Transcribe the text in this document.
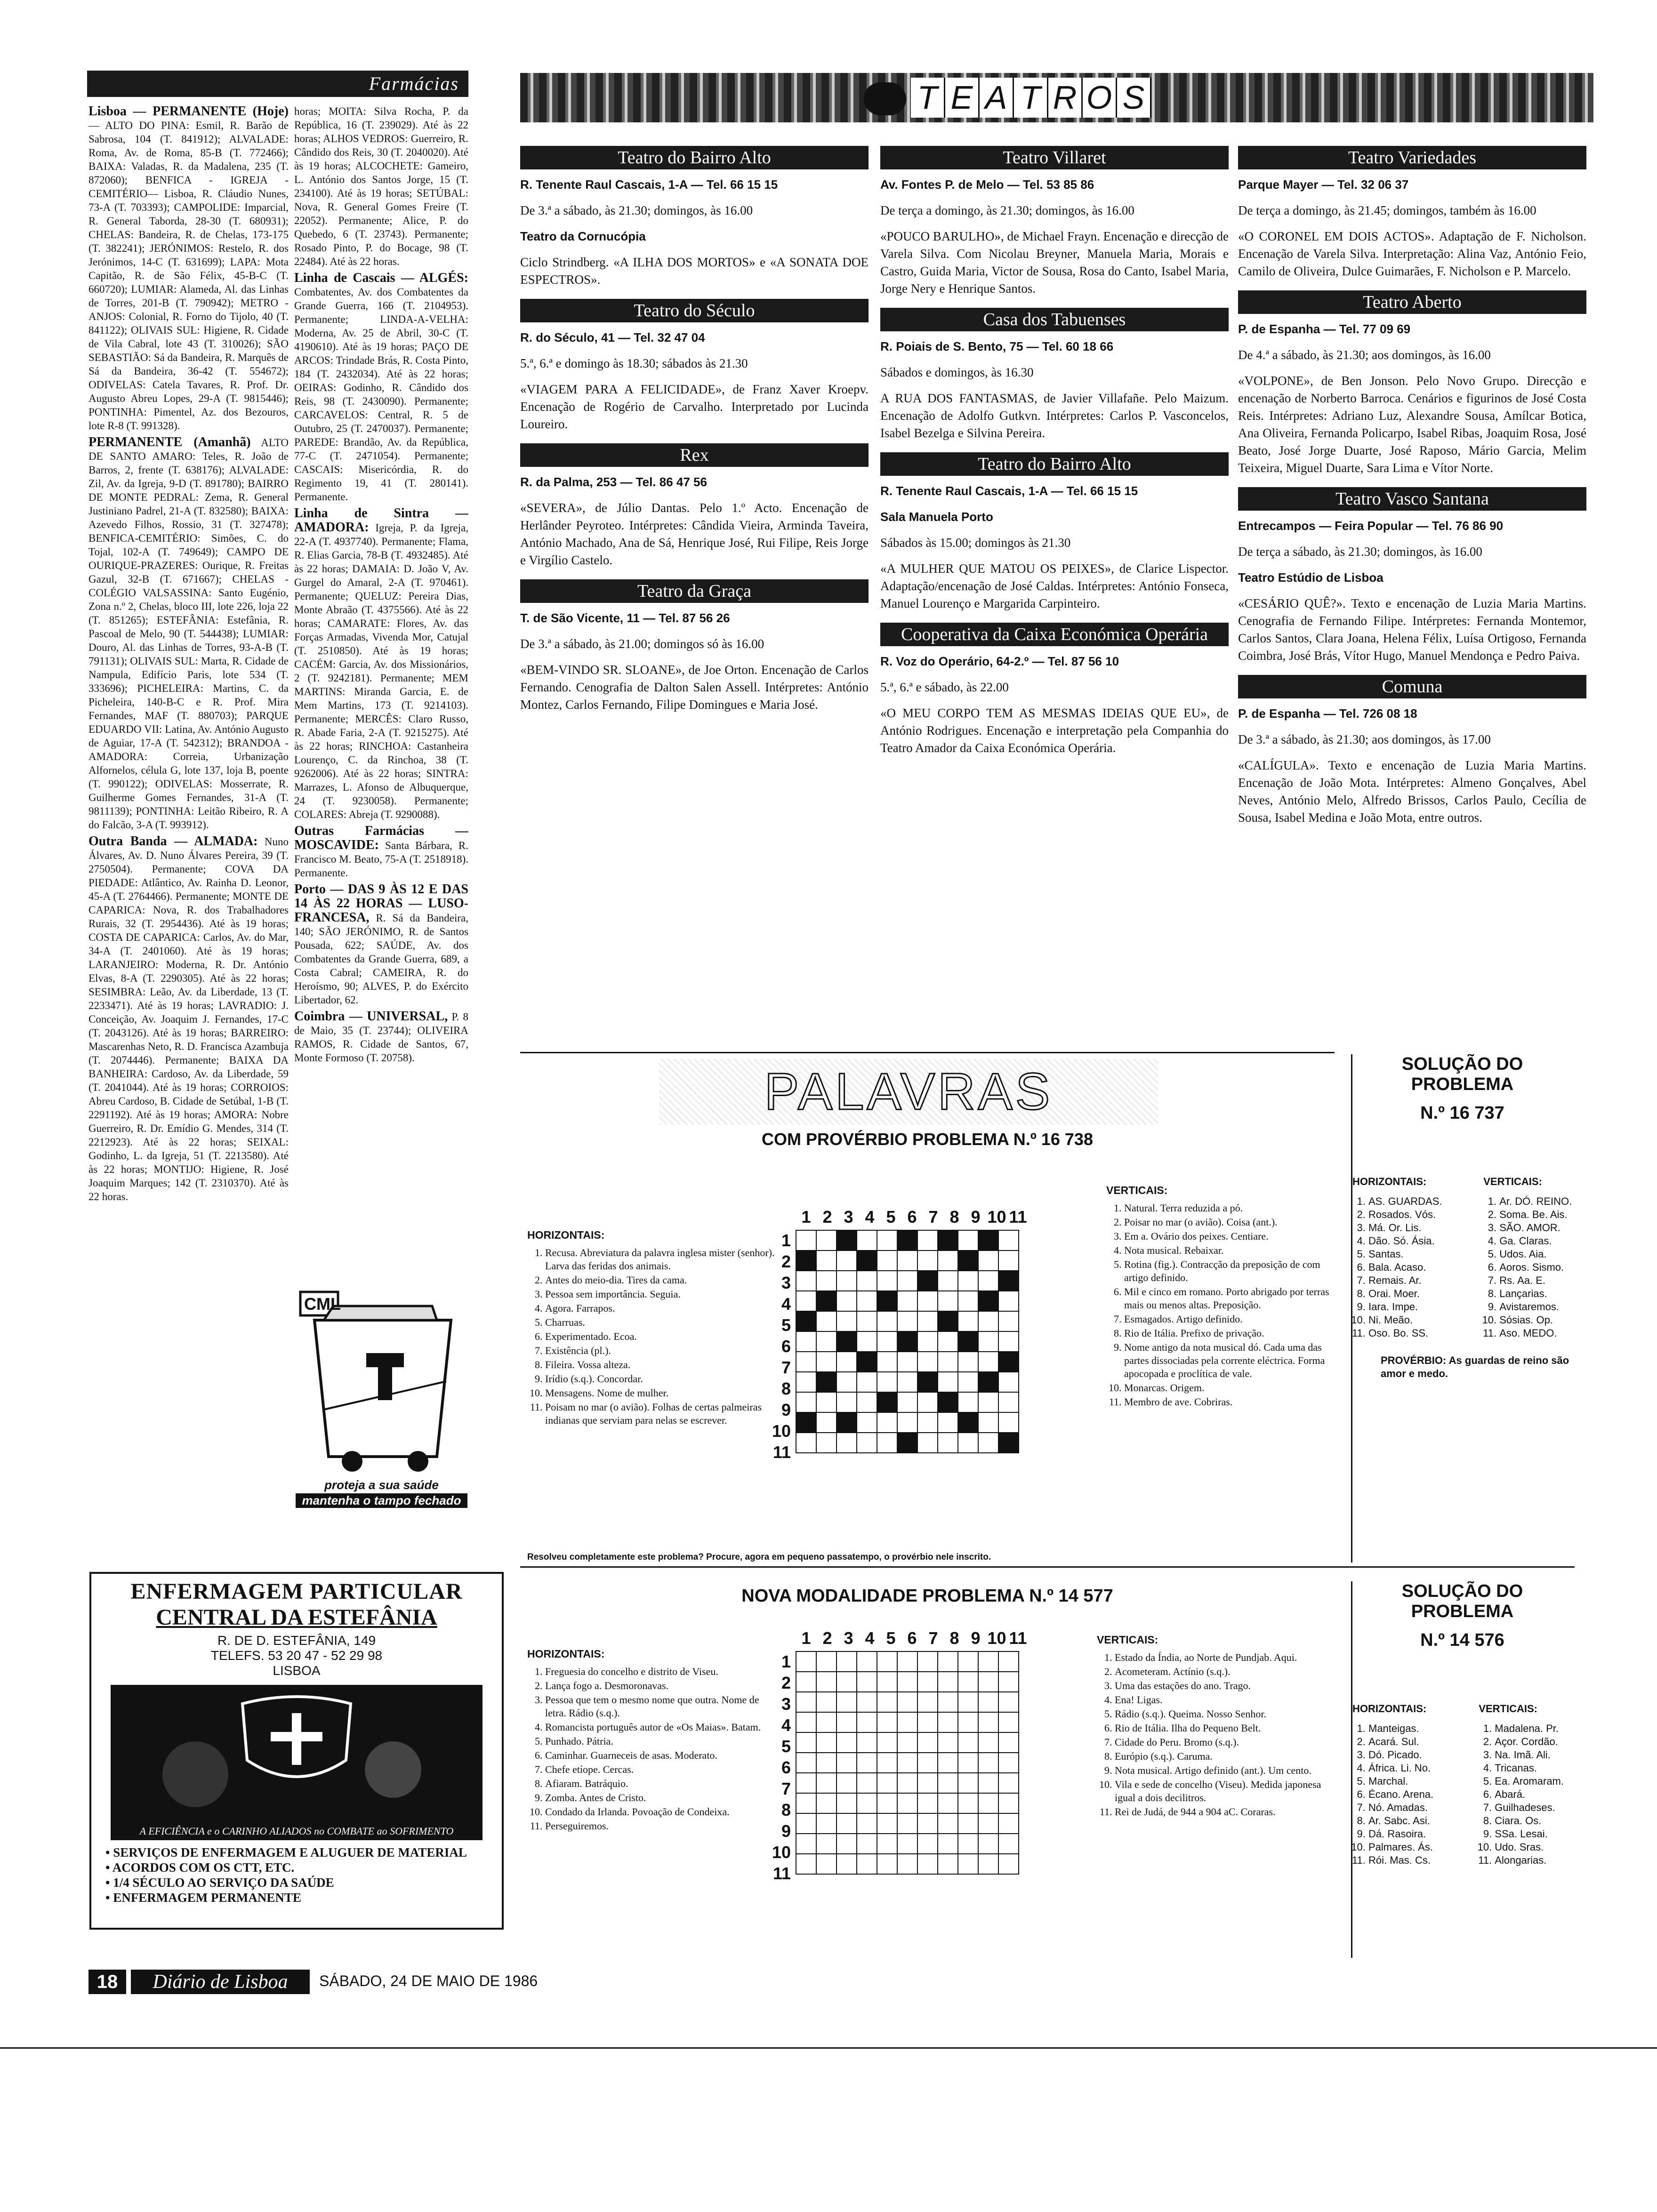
Farmácias

Lisboa — PERMANENTE (Hoje) — ALTO DO PINA: Esmil, R. Barão de Sabrosa, 104 (T. 841912); ALVALADE: Roma, Av. de Roma, 85-B (T. 772466); BAIXA: Valadas, R. da Madalena, 235 (T. 872060); BENFICA - IGREJA - CEMITÉRIO— Lisboa, R. Cláudio Nunes, 73-A (T. 703393); CAMPOLIDE: Imparcial, R. General Taborda, 28-30 (T. 680931); CHELAS: Bandeira, R. de Chelas, 173-175 (T. 382241); JERÓNIMOS: Restelo, R. dos Jerónimos, 14-C (T. 631699); LAPA: Mota Capitão, R. de São Félix, 45-B-C (T. 660720); LUMIAR: Alameda, Al. das Linhas de Torres, 201-B (T. 790942); METRO - ANJOS: Colonial, R. Forno do Tijolo, 40 (T. 841122); OLIVAIS SUL: Higiene, R. Cidade de Vila Cabral, lote 43 (T. 310026); SÃO SEBASTIÃO: Sá da Bandeira, R. Marquês de Sá da Bandeira, 36-42 (T. 554672); ODIVELAS: Catela Tavares, R. Prof. Dr. Augusto Abreu Lopes, 29-A (T. 9815446); PONTINHA: Pimentel, Az. dos Bezouros, lote R-8 (T. 991328).

PERMANENTE (Amanhã) ALTO DE SANTO AMARO: Teles, R. João de Barros, 2, frente (T. 638176); ALVALADE: Zil, Av. da Igreja, 9-D (T. 891780); BAIRRO DE MONTE PEDRAL: Zema, R. General Justiniano Padrel, 21-A (T. 832580); BAIXA: Azevedo Filhos, Rossio, 31 (T. 327478); BENFICA-CEMITÉRIO: Simões, C. do Tojal, 102-A (T. 749649); CAMPO DE OURIQUE-PRAZERES: Ourique, R. Freitas Gazul, 32-B (T. 671667); CHELAS - COLÉGIO VALSASSINA: Santo Eugénio, Zona n.º 2, Chelas, bloco III, lote 226, loja 22 (T. 851265); ESTEFÂNIA: Estefânia, R. Pascoal de Melo, 90 (T. 544438); LUMIAR: Douro, Al. das Linhas de Torres, 93-A-B (T. 791131); OLIVAIS SUL: Marta, R. Cidade de Nampula, Edifício Paris, lote 534 (T. 333696); PICHELEIRA: Martins, C. da Picheleira, 140-B-C e R. Prof. Mira Fernandes, MAF (T. 880703); PARQUE EDUARDO VII: Latina, Av. António Augusto de Aguiar, 17-A (T. 542312); BRANDOA - AMADORA: Correia, Urbanização Alfornelos, célula G, lote 137, loja B, poente (T. 990122); ODIVELAS: Mosserrate, R. Guilherme Gomes Fernandes, 31-A (T. 9811139); PONTINHA: Leitão Ribeiro, R. A do Falcão, 3-A (T. 993912).

Outra Banda — ALMADA: Nuno Álvares, Av. D. Nuno Álvares Pereira, 39 (T. 2750504). Permanente; COVA DA PIEDADE: Atlântico, Av. Rainha D. Leonor, 45-A (T. 2764466). Permanente; MONTE DE CAPARICA: Nova, R. dos Trabalhadores Rurais, 32 (T. 2954436). Até às 19 horas; COSTA DE CAPARICA: Carlos, Av. do Mar, 34-A (T. 2401060). Até às 19 horas; LARANJEIRO: Moderna, R. Dr. António Elvas, 8-A (T. 2290305). Até às 22 horas; SESIMBRA: Leão, Av. da Liberdade, 13 (T. 2233471). Até às 19 horas; LAVRADIO: J. Conceição, Av. Joaquim J. Fernandes, 17-C (T. 2043126). Até às 19 horas; BARREIRO: Mascarenhas Neto, R. D. Francisca Azambuja (T. 2074446). Permanente; BAIXA DA BANHEIRA: Cardoso, Av. da Liberdade, 59 (T. 2041044). Até às 19 horas; CORROIOS: Abreu Cardoso, B. Cidade de Setúbal, 1-B (T. 2291192). Até às 19 horas; AMORA: Nobre Guerreiro, R. Dr. Emídio G. Mendes, 314 (T. 2212923). Até às 22 horas; SEIXAL: Godinho, L. da Igreja, 51 (T. 2213580). Até às 22 horas; MONTIJO: Higiene, R. José Joaquim Marques; 142 (T. 2310370). Até às 22 horas.

horas; MOITA: Silva Rocha, P. da República, 16 (T. 239029). Até às 22 horas; ALHOS VEDROS: Guerreiro, R. Cândido dos Reis, 30 (T. 2040020). Até às 19 horas; ALCOCHETE: Gameiro, L. António dos Santos Jorge, 15 (T. 234100). Até às 19 horas; SETÚBAL: Nova, R. General Gomes Freire (T. 22052). Permanente; Alice, P. do Quebedo, 6 (T. 23743). Permanente; Rosado Pinto, P. do Bocage, 98 (T. 22484). Até às 22 horas.

Linha de Cascais — ALGÉS: Combatentes, Av. dos Combatentes da Grande Guerra, 166 (T. 2104953). Permanente; LINDA-A-VELHA: Moderna, Av. 25 de Abril, 30-C (T. 4190610). Até às 19 horas; PAÇO DE ARCOS: Trindade Brás, R. Costa Pinto, 184 (T. 2432034). Até às 22 horas; OEIRAS: Godinho, R. Cândido dos Reis, 98 (T. 2430090). Permanente; CARCAVELOS: Central, R. 5 de Outubro, 25 (T. 2470037). Permanente; PAREDE: Brandão, Av. da República, 77-C (T. 2471054). Permanente; CASCAIS: Misericórdia, R. do Regimento 19, 41 (T. 280141). Permanente.

Linha de Sintra — AMADORA: Igreja, P. da Igreja, 22-A (T. 4937740). Permanente; Flama, R. Elias Garcia, 78-B (T. 4932485). Até às 22 horas; DAMAIA: D. João V, Av. Gurgel do Amaral, 2-A (T. 970461). Permanente; QUELUZ: Pereira Dias, Monte Abraão (T. 4375566). Até às 22 horas; CAMARATE: Flores, Av. das Forças Armadas, Vivenda Mor, Catujal (T. 2510850). Até às 19 horas; CACÉM: Garcia, Av. dos Missionários, 2 (T. 9242181). Permanente; MEM MARTINS: Miranda Garcia, E. de Mem Martins, 173 (T. 9214103). Permanente; MERCÊS: Claro Russo, R. Abade Faria, 2-A (T. 9215275). Até às 22 horas; RINCHOA: Castanheira Lourenço, C. da Rinchoa, 38 (T. 9262006). Até às 22 horas; SINTRA: Marrazes, L. Afonso de Albuquerque, 24 (T. 9230058). Permanente; COLARES: Abreja (T. 9290088).

Outras Farmácias — MOSCAVIDE: Santa Bárbara, R. Francisco M. Beato, 75-A (T. 2518918). Permanente.

Porto — DAS 9 ÀS 12 E DAS 14 ÀS 22 HORAS — LUSO-FRANCESA, R. Sá da Bandeira, 140; SÃO JERÓNIMO, R. de Santos Pousada, 622; SAÚDE, Av. dos Combatentes da Grande Guerra, 689, a Costa Cabral; CAMEIRA, R. do Heroísmo, 90; ALVES, P. do Exército Libertador, 62.

Coimbra — UNIVERSAL, P. 8 de Maio, 35 (T. 23744); OLIVEIRA RAMOS, R. Cidade de Santos, 67, Monte Formoso (T. 20758).

CML
proteja a sua saúde
mantenha o tampo fechado
ENFERMAGEM PARTICULAR
CENTRAL DA ESTEFÂNIA
R. DE D. ESTEFÂNIA, 149
TELEFS. 53 20 47 - 52 29 98
LISBOA
A EFICIÊNCIA e o CARINHO ALIADOS no COMBATE ao SOFRIMENTO
• SERVIÇOS DE ENFERMAGEM E ALUGUER DE MATERIAL
• ACORDOS COM OS CTT, ETC.
• 1/4 SÉCULO AO SERVIÇO DA SAÚDE
• ENFERMAGEM PERMANENTE
18	Diário de Lisboa	SÁBADO, 24 DE MAIO DE 1986
T E A T R O S
Teatro do Bairro Alto
R. Tenente Raul Cascais, 1-A — Tel. 66 15 15
De 3.ª a sábado, às 21.30; domingos, às 16.00
Teatro da Cornucópia
Ciclo Strindberg. «A ILHA DOS MORTOS» e «A SONATA DOE ESPECTROS».
Teatro do Século
R. do Século, 41 — Tel. 32 47 04
5.ª, 6.ª e domingo às 18.30; sábados às 21.30
«VIAGEM PARA A FELICIDADE», de Franz Xaver Kroepv. Encenação de Rogério de Carvalho. Interpretado por Lucinda Loureiro.
Rex
R. da Palma, 253 — Tel. 86 47 56
«SEVERA», de Júlio Dantas. Pelo 1.º Acto. Encenação de Herlânder Peyroteo. Intérpretes: Cândida Vieira, Arminda Taveira, António Machado, Ana de Sá, Henrique José, Rui Filipe, Reis Jorge e Virgílio Castelo.
Teatro da Graça
T. de São Vicente, 11 — Tel. 87 56 26
De 3.ª a sábado, às 21.00; domingos só às 16.00
«BEM-VINDO SR. SLOANE», de Joe Orton. Encenação de Carlos Fernando. Cenografia de Dalton Salen Assell. Intérpretes: António Montez, Carlos Fernando, Filipe Domingues e Maria José.
Teatro Villaret
Av. Fontes P. de Melo — Tel. 53 85 86
De terça a domingo, às 21.30; domingos, às 16.00
«POUCO BARULHO», de Michael Frayn. Encenação e direcção de Varela Silva. Com Nicolau Breyner, Manuela Maria, Morais e Castro, Guida Maria, Victor de Sousa, Rosa do Canto, Isabel Maria, Jorge Nery e Henrique Santos.
Casa dos Tabuenses
R. Poiais de S. Bento, 75 — Tel. 60 18 66
Sábados e domingos, às 16.30
A RUA DOS FANTASMAS, de Javier Villafañe. Pelo Maizum. Encenação de Adolfo Gutkvn. Intérpretes: Carlos P. Vasconcelos, Isabel Bezelga e Silvina Pereira.
Teatro do Bairro Alto
R. Tenente Raul Cascais, 1-A — Tel. 66 15 15
Sala Manuela Porto
Sábados às 15.00; domingos às 21.30
«A MULHER QUE MATOU OS PEIXES», de Clarice Lispector. Adaptação/encenação de José Caldas. Intérpretes: António Fonseca, Manuel Lourenço e Margarida Carpinteiro.
Cooperativa da Caixa Económica Operária
R. Voz do Operário, 64-2.º — Tel. 87 56 10
5.ª, 6.ª e sábado, às 22.00
«O MEU CORPO TEM AS MESMAS IDEIAS QUE EU», de António Rodrigues. Encenação e interpretação pela Companhia do Teatro Amador da Caixa Económica Operária.
Teatro Variedades
Parque Mayer — Tel. 32 06 37
De terça a domingo, às 21.45; domingos, também às 16.00
«O CORONEL EM DOIS ACTOS». Adaptação de F. Nicholson. Encenação de Varela Silva. Interpretação: Alina Vaz, António Feio, Camilo de Oliveira, Dulce Guimarães, F. Nicholson e P. Marcelo.
Teatro Aberto
P. de Espanha — Tel. 77 09 69
De 4.ª a sábado, às 21.30; aos domingos, às 16.00
«VOLPONE», de Ben Jonson. Pelo Novo Grupo. Direcção e encenação de Norberto Barroca. Cenários e figurinos de José Costa Reis. Intérpretes: Adriano Luz, Alexandre Sousa, Amílcar Botica, Ana Oliveira, Fernanda Policarpo, Isabel Ribas, Joaquim Rosa, José Beato, José Jorge Duarte, José Raposo, Mário Garcia, Melim Teixeira, Miguel Duarte, Sara Lima e Vítor Norte.
Teatro Vasco Santana
Entrecampos — Feira Popular — Tel. 76 86 90
De terça a sábado, às 21.30; domingos, às 16.00
Teatro Estúdio de Lisboa
«CESÁRIO QUÊ?». Texto e encenação de Luzia Maria Martins. Cenografia de Fernando Filipe. Intérpretes: Fernanda Montemor, Carlos Santos, Clara Joana, Helena Félix, Luísa Ortigoso, Fernanda Coimbra, José Brás, Vítor Hugo, Manuel Mendonça e Pedro Paiva.
Comuna
P. de Espanha — Tel. 726 08 18
De 3.ª a sábado, às 21.30; aos domingos, às 17.00
«CALÍGULA». Texto e encenação de Luzia Maria Martins. Encenação de João Mota. Intérpretes: Almeno Gonçalves, Abel Neves, António Melo, Alfredo Brissos, Carlos Paulo, Cecília de Sousa, Isabel Medina e João Mota, entre outros.
PALAVRAS
COM PROVÉRBIO PROBLEMA N.º 16 738
HORIZONTAIS:
1. Recusa. Abreviatura da palavra inglesa mister (senhor). Larva das feridas dos animais.
2. Antes do meio-dia. Tires da cama.
3. Pessoa sem importância. Seguia.
4. Agora. Farrapos.
5. Charruas.
6. Experimentado. Ecoa.
7. Existência (pl.).
8. Fileira. Vossa alteza.
9. Irídio (s.q.). Concordar.
10. Mensagens. Nome de mulher.
11. Poisam no mar (o avião). Folhas de certas palmeiras indianas que serviam para nelas se escrever.
1 2 3 4 5 6 7 8 9 10 11
1
2
3
4
5
6
7
8
9
10
11

VERTICAIS:
1. Natural. Terra reduzida a pó.
2. Poisar no mar (o avião). Coisa (ant.).
3. Em a. Ovário dos peixes. Centiare.
4. Nota musical. Rebaixar.
5. Rotina (fig.). Contracção da preposição de com artigo definido.
6. Mil e cinco em romano. Porto abrigado por terras mais ou menos altas. Preposição.
7. Esmagados. Artigo definido.
8. Rio de Itália. Prefixo de privação.
9. Nome antigo da nota musical dó. Cada uma das partes dissociadas pela corrente eléctrica. Forma apocopada e proclítica de vale.
10. Monarcas. Origem.
11. Membro de ave. Cobriras.
Resolveu completamente este problema? Procure, agora em pequeno passatempo, o provérbio nele inscrito.
SOLUÇÃO DO PROBLEMA
N.º 16 737
HORIZONTAIS:
1. AS. GUARDAS.
2. Rosados. Vós.
3. Má. Or. Lis.
4. Dão. Só. Ásia.
5. Santas.
6. Bala. Acaso.
7. Remais. Ar.
8. Orai. Moer.
9. Iara. Impe.
10. Ni. Meão.
11. Oso. Bo. SS.
VERTICAIS:
1. Ar. DÓ. REINO.
2. Soma. Be. Ais.
3. SÃO. AMOR.
4. Ga. Claras.
5. Udos. Aia.
6. Aoros. Sismo.
7. Rs. Aa. E.
8. Lançarias.
9. Avistaremos.
10. Sósias. Op.
11. Aso. MEDO.
PROVÉRBIO: As guardas de reino são amor e medo.
NOVA MODALIDADE PROBLEMA N.º 14 577
HORIZONTAIS:
1. Freguesia do concelho e distrito de Viseu.
2. Lança fogo a. Desmoronavas.
3. Pessoa que tem o mesmo nome que outra. Nome de letra. Rádio (s.q.).
4. Romancista português autor de «Os Maias». Batam.
5. Punhado. Pátria.
6. Caminhar. Guarneceis de asas. Moderato.
7. Chefe etíope. Cercas.
8. Afiaram. Batráquio.
9. Zomba. Antes de Cristo.
10. Condado da Irlanda. Povoação de Condeixa.
11. Perseguiremos.
1 2 3 4 5 6 7 8 9 10 11
1
2
3
4
5
6
7
8
9
10
11

VERTICAIS:
1. Estado da Índia, ao Norte de Pundjab. Aqui.
2. Acometeram. Actínio (s.q.).
3. Uma das estações do ano. Trago.
4. Ena! Ligas.
5. Rádio (s.q.). Queima. Nosso Senhor.
6. Rio de Itália. Ilha do Pequeno Belt.
7. Cidade do Peru. Bromo (s.q.).
8. Európio (s.q.). Caruma.
9. Nota musical. Artigo definido (ant.). Um cento.
10. Vila e sede de concelho (Viseu). Medida japonesa igual a dois decilitros.
11. Rei de Judá, de 944 a 904 aC. Coraras.
SOLUÇÃO DO PROBLEMA
N.º 14 576
HORIZONTAIS:
1. Manteigas.
2. Acará. Sul.
3. Dó. Picado.
4. África. Li. No.
5. Marchal.
6. Écano. Arena.
7. Nó. Amadas.
8. Ar. Sabc. Asi.
9. Dá. Rasoira.
10. Palmares. Ás.
11. Rói. Mas. Cs.
VERTICAIS:
1. Madalena. Pr.
2. Açor. Cordão.
3. Na. Imã. Ali.
4. Tricanas.
5. Ea. Aromaram.
6. Abará.
7. Guilhadeses.
8. Ciara. Os.
9. SSa. Lesai.
10. Udo. Sras.
11. Alongarias.
